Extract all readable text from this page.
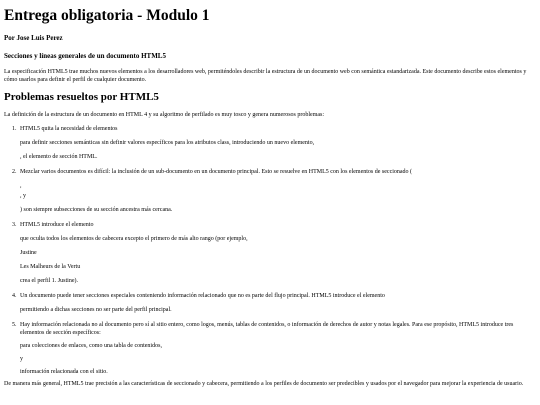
Entrega obligatoria - Modulo 1
Por Jose Luis Perez
Secciones y líneas generales de un documento HTML5

La especificación HTML5 trae muchos nuevos elementos a los desarrolladores web, permiténdoles describir la estructura de un documento web con semántica estandarizada. Este documento describe estos elementos y cómo usarlos para definir el perfil de cualquier documento.

Problemas resueltos por HTML5

La definición de la estructura de un documento en HTML 4 y su algoritmo de perfilado es muy tosco y genera numerosos problemas:

1. HTML5 quita la necesidad de elementos

para definir secciones semánticas sin definir valores específicos para los atributos class, introduciendo un nuevo elemento,

, el elemento de sección HTML.

2. Mezclar varios documentos es difícil: la inclusión de un sub-documento en un documento principal. Esto se resuelve en HTML5 con los elementos de seccionado (

,

, y

) son siempre subsecciones de su sección ancestra más cercana.

3. HTML5 introduce el elemento

que oculta todos los elementos de cabecera excepto el primero de más alto rango (por ejemplo,

Justine

Les Malheurs de la Vertu

crea el perfil 1. Justine).

4. Un documento puede tener secciones especiales conteniendo información relacionado que no es parte del flujo principal. HTML5 introduce el elemento

permitiendo a dichas secciones no ser parte del perfil principal.

5. Hay información relacionada no al documento pero sí al sitio entero, como logos, menús, tablas de contenidos, o información de derechos de autor y notas legales. Para ese propósito, HTML5 introduce tres elementos de sección específicos:

para colecciones de enlaces, como una tabla de contenidos,

y

información relacionada con el sitio.

De manera más general, HTML5 trae precisión a las características de seccionado y cabecera, permitiendo a los perfiles de documento ser predecibles y usados por el navegador para mejorar la experiencia de usuario.
